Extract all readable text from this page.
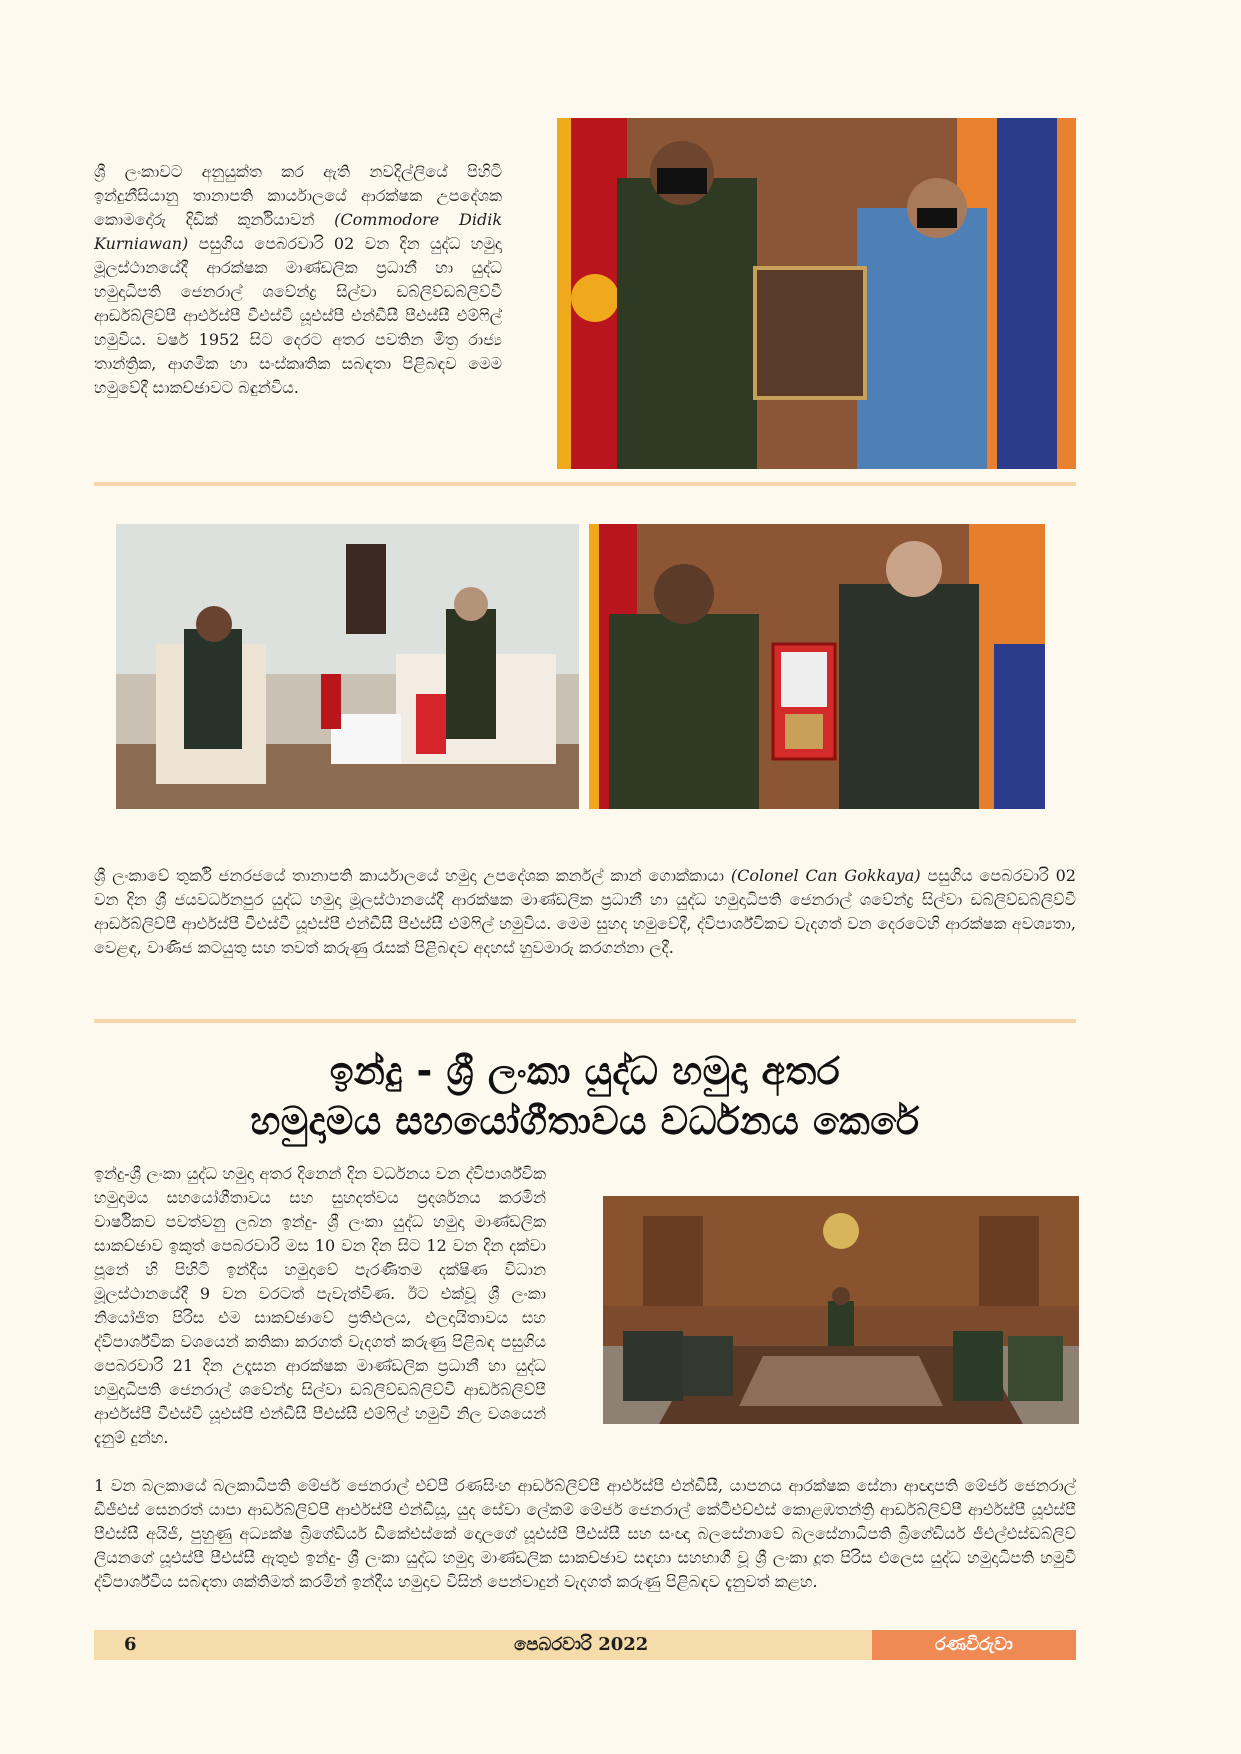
ශ්‍රී ලංකාවට අනුයුක්ත කර ඇති නවදිල්ලියේ පිහිටි ඉන්දුනීසියානු තානාපති කාර්යාලයේ ආරක්ෂක උපදේශක කොමදෝරු දිඩික් කුර්නියාවන් (Commodore Didik Kurniawan) පසුගිය පෙබරවාරි 02 වන දින යුද්ධ හමුදා මූලස්ථානයේදී ආරක්ෂක මාණ්ඩලික ප්‍රධානී හා යුද්ධ හමුදාධිපති ජෙනරාල් ශවේන්ද්‍ර සිල්වා ඩබ්ලිව්ඩබ්ලිව්වී ආර්ඩබ්ලිව්පී ආර්එස්පී වීඑස්වී යූඑස්පී එන්ඩීසී පීඑස්සී එම්ෆිල් හමුවිය. වර්ෂ 1952 සිට දෙරට අතර පවතින මිත්‍ර රාජ්‍ය තාන්ත්‍රික, ආගමික හා සංස්කෘතික සබඳතා පිළිබඳව මෙම හමුවේදී සාකච්ඡාවට බඳුන්විය.

ශ්‍රී ලංකාවේ තුර්කි ජනරජයේ තානාපති කාර්යාලයේ හමුදා උපදේශක කර්නල් කාන් ගොක්කායා (Colonel Can Gokkaya) පසුගිය පෙබරවාරි 02 වන දින ශ්‍රී ජයවර්ධනපුර යුද්ධ හමුදා මූලස්ථානයේදී ආරක්ෂක මාණ්ඩලික ප්‍රධානී හා යුද්ධ හමුදාධිපති ජෙනරාල් ශවේන්ද්‍ර සිල්වා ඩබ්ලිව්ඩබ්ලිව්වී ආර්ඩබ්ලිව්පී ආර්එස්පී වීඑස්වී යූඑස්පී එන්ඩීසී පීඑස්සී එම්ෆිල් හමුවිය. මෙම සුහද හමුවේදී, ද්විපාර්ශ්විකව වැදගත් වන දෙරටෙහි ආරක්ෂක අවශ්‍යතා, වෙළඳ, වාණිජ කටයුතු සහ තවත් කරුණු රැසක් පිළිබඳව අදහස් හුවමාරු කරගන්නා ලදී.

ඉන්දු - ශ්‍රී ලංකා යුද්ධ හමුදා අතර
හමුදාමය සහයෝගීතාවය වර්ධනය කෙරේ

ඉන්දු-ශ්‍රී ලංකා යුද්ධ හමුදා අතර දිනෙන් දින වර්ධනය වන ද්විපාර්ශ්වික හමුදාමය සහයෝගීතාවය සහ සුහදත්වය ප්‍රදර්ශනය කරමින් වාර්ෂිකව පවත්වනු ලබන ඉන්දු- ශ්‍රී ලංකා යුද්ධ හමුදා මාණ්ඩලික සාකච්ඡාව ඉකුත් පෙබරවාරි මස 10 වන දින සිට 12 වන දින දක්වා පූනේ හි පිහිටි ඉන්දීය හමුදාවේ පැරණිතම දක්ෂිණ විධාන මූලස්ථානයේදී 9 වන වරටත් පැවැත්විණ. ඊට එක්වූ ශ්‍රී ලංකා නියෝජිත පිරිස එම සාකච්ඡාවේ ප්‍රතිඵලය, ඵලදායිතාවය සහ ද්විපාර්ශ්වික වශයෙන් කතිකා කරගත් වැදගත් කරුණු පිළිබඳ පසුගිය පෙබරවාරි 21 දින උදෑසන ආරක්ෂක මාණ්ඩලික ප්‍රධානී හා යුද්ධ හමුදාධිපති ජෙනරාල් ශවේන්ද්‍ර සිල්වා ඩබ්ලිව්ඩබ්ලිව්වී ආර්ඩබ්ලිව්පී ආර්එස්පී වීඑස්වී යූඑස්පී එන්ඩීසී පීඑස්සී එම්ෆිල් හමුවී නිල වශයෙන් දැනුම් දුන්හ.

1 වන බලකායේ බලකාධිපති මේජර් ජෙනරාල් එච්පී රණසිංහ ආර්ඩබ්ලිව්පී ආර්එස්පී එන්ඩීසී, යාපනය ආරක්ෂක සේනා ආඥාපති මේජර් ජෙනරාල් ඩීජීඑස් සෙනරත් යාපා ආර්ඩබ්ලිව්පී ආර්එස්පී එන්ඩීයූ, යුද සේවා ලේකම් මේජර් ජෙනරාල් කේටීඑච්එස් කොළඹතන්ත්‍රි ආර්ඩබ්ලිව්පී ආර්එස්පී යූඑස්පී පීඑස්සී අයිජී, පුහුණු අධ්‍යක්ෂ බ්‍රිගේඩියර් ඩීකේඑස්කේ දොලගේ යූඑස්පී පීඑස්සී සහ සංඥා බලසේනාවේ බලසේනාධිපති බ්‍රිගේඩියර් ජීඑල්එස්ඩබ්ලිව් ලියනගේ යූඑස්පී පීඑස්සී ඇතුළු ඉන්දු- ශ්‍රී ලංකා යුද්ධ හමුදා මාණ්ඩලික සාකච්ඡාව සඳහා සහභාගී වූ ශ්‍රී ලංකා දූත පිරිස එලෙස යුද්ධ හමුදාධිපති හමුවී ද්විපාර්ශ්වීය සබඳතා ශක්තිමත් කරමින් ඉන්දීය හමුදාව විසින් පෙන්වාදුන් වැදගත් කරුණු පිළිබඳව දැනුවත් කළහ.

6	පෙබරවාරි 2022	රණවිරුවා
